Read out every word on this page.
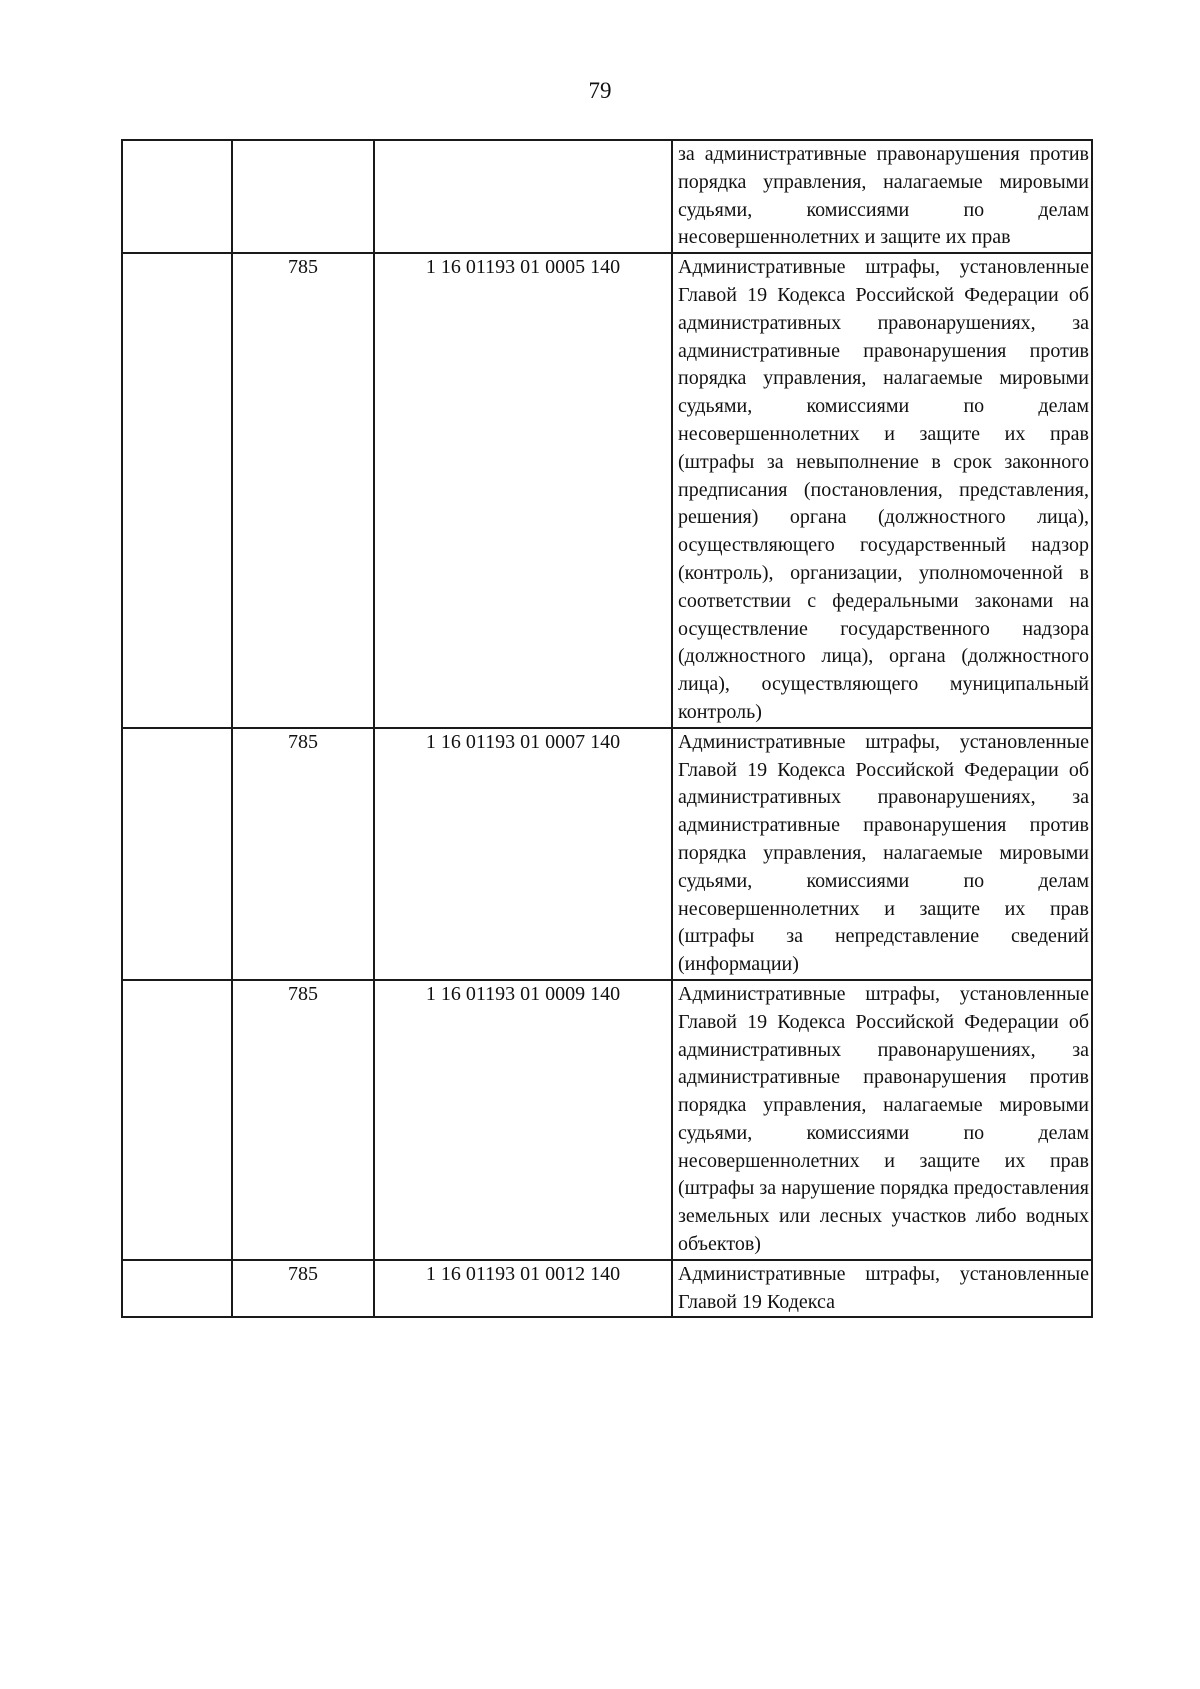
79

			за административные правонарушения против порядка управления, налагаемые мировыми судьями, комиссиями по делам несовершеннолетних и защите их прав

	785	1 16 01193 01 0005 140	Административные штрафы, установленные Главой 19 Кодекса Российской Федерации об административных правонарушениях, за административные правонарушения против порядка управления, налагаемые мировыми судьями, комиссиями по делам несовершеннолетних и защите их прав (штрафы за невыполнение в срок законного предписания (постановления, представления, решения) органа (должностного лица), осуществляющего государственный надзор (контроль), организации, уполномоченной в соответствии с федеральными законами на осуществление государственного надзора (должностного лица), органа (должностного лица), осуществляющего муниципальный контроль)

	785	1 16 01193 01 0007 140	Административные штрафы, установленные Главой 19 Кодекса Российской Федерации об административных правонарушениях, за административные правонарушения против порядка управления, налагаемые мировыми судьями, комиссиями по делам несовершеннолетних и защите их прав (штрафы за непредставление сведений (информации)

	785	1 16 01193 01 0009 140	Административные штрафы, установленные Главой 19 Кодекса Российской Федерации об административных правонарушениях, за административные правонарушения против порядка управления, налагаемые мировыми судьями, комиссиями по делам несовершеннолетних и защите их прав (штрафы за нарушение порядка предоставления земельных или лесных участков либо водных объектов)

	785	1 16 01193 01 0012 140	Административные штрафы, установленные Главой 19 Кодекса
